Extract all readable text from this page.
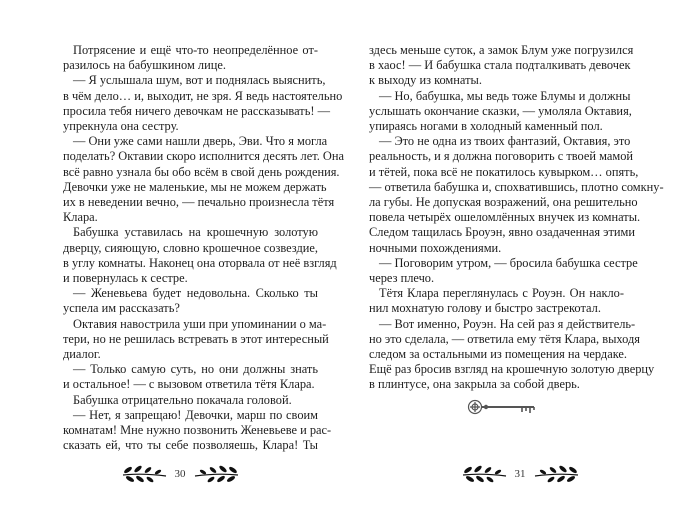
Потрясение и ещё что-то неопределённое от-
разилось на бабушкином лице.
— Я услышала шум, вот и поднялась выяснить,
в чём дело… и, выходит, не зря. Я ведь настоятельно
просила тебя ничего девочкам не рассказывать! —
упрекнула она сестру.
— Они уже сами нашли дверь, Эви. Что я могла
поделать? Октавии скоро исполнится десять лет. Она
всё равно узнала бы обо всём в свой день рождения.
Девочки уже не маленькие, мы не можем держать
их в неведении вечно, — печально произнесла тётя
Клара.
Бабушка уставилась на крошечную золотую
дверцу, сияющую, словно крошечное созвездие,
в углу комнаты. Наконец она оторвала от неё взгляд
и повернулась к сестре.
— Женевьева будет недовольна. Сколько ты
успела им рассказать?
Октавия навострила уши при упоминании о ма-
тери, но не решилась встревать в этот интересный
диалог.
— Только самую суть, но они должны знать
и остальное! — с вызовом ответила тётя Клара.
Бабушка отрицательно покачала головой.
— Нет, я запрещаю! Девочки, марш по своим
комнатам! Мне нужно позвонить Женевьеве и рас-
сказать ей, что ты себе позволяешь, Клара! Ты
здесь меньше суток, а замок Блум уже погрузился
в хаос! — И бабушка стала подталкивать девочек
к выходу из комнаты.
— Но, бабушка, мы ведь тоже Блумы и должны
услышать окончание сказки, — умоляла Октавия,
упираясь ногами в холодный каменный пол.
— Это не одна из твоих фантазий, Октавия, это
реальность, и я должна поговорить с твоей мамой
и тётей, пока всё не покатилось кувырком… опять,
— ответила бабушка и, спохватившись, плотно сомкну-
ла губы. Не допуская возражений, она решительно
повела четырёх ошеломлённых внучек из комнаты.
Следом тащилась Броуэн, явно озадаченная этими
ночными похождениями.
— Поговорим утром, — бросила бабушка сестре
через плечо.
Тётя Клара переглянулась с Роуэн. Он накло-
нил мохнатую голову и быстро застрекотал.
— Вот именно, Роуэн. На сей раз я действитель-
но это сделала, — ответила ему тётя Клара, выходя
следом за остальными из помещения на чердаке.
Ещё раз бросив взгляд на крошечную золотую дверцу
в плинтусе, она закрыла за собой дверь.
30	31
